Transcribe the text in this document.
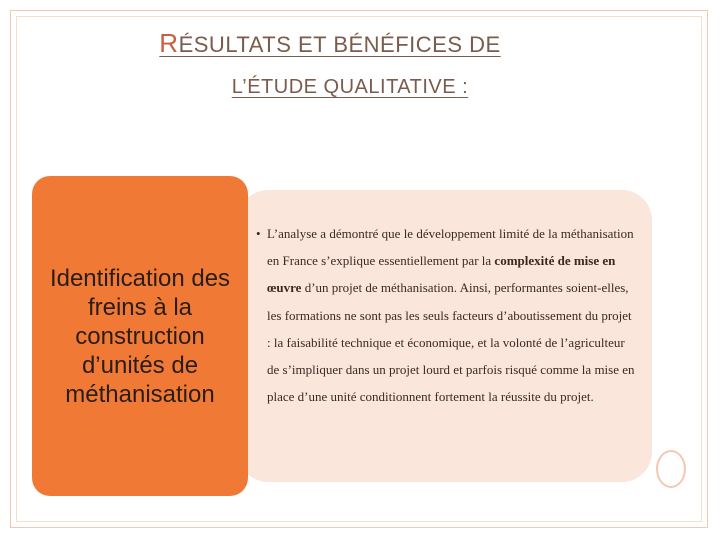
RÉSULTATS ET BÉNÉFICES DE
L’ÉTUDE QUALITATIVE :
Identification des freins à la construction d’unités de méthanisation
• L’analyse a démontré que le développement limité de la méthanisation en France s’explique essentiellement par la complexité de mise en œuvre d’un projet de méthanisation. Ainsi, performantes soient-elles, les formations ne sont pas les seuls facteurs d’aboutissement du projet : la faisabilité technique et économique, et la volonté de l’agriculteur de s’impliquer dans un projet lourd et parfois risqué comme la mise en place d’une unité conditionnent fortement la réussite du projet.
